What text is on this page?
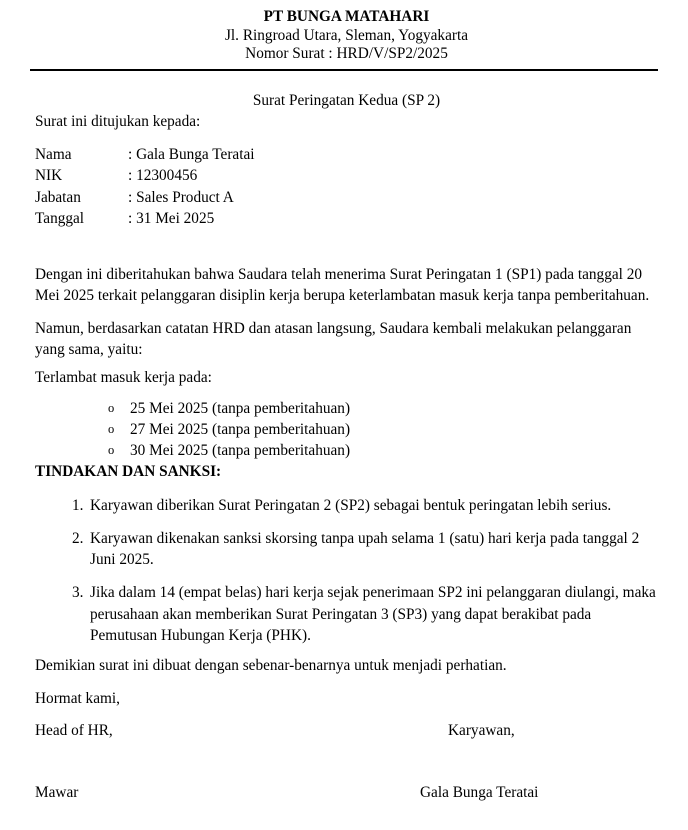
PT BUNGA MATAHARI
Jl. Ringroad Utara, Sleman, Yogyakarta
Nomor Surat : HRD/V/SP2/2025
Surat Peringatan Kedua (SP 2)

Surat ini ditujukan kepada:

Nama	: Gala Bunga Teratai
NIK	: 12300456
Jabatan	: Sales Product A
Tanggal	: 31 Mei 2025

Dengan ini diberitahukan bahwa Saudara telah menerima Surat Peringatan 1 (SP1) pada tanggal 20 Mei 2025 terkait pelanggaran disiplin kerja berupa keterlambatan masuk kerja tanpa pemberitahuan.

Namun, berdasarkan catatan HRD dan atasan langsung, Saudara kembali melakukan pelanggaran yang sama, yaitu:

Terlambat masuk kerja pada:

o	25 Mei 2025 (tanpa pemberitahuan)
o	27 Mei 2025 (tanpa pemberitahuan)
o	30 Mei 2025 (tanpa pemberitahuan)

TINDAKAN DAN SANKSI:

1. Karyawan diberikan Surat Peringatan 2 (SP2) sebagai bentuk peringatan lebih serius.
2. Karyawan dikenakan sanksi skorsing tanpa upah selama 1 (satu) hari kerja pada tanggal 2 Juni 2025.
3. Jika dalam 14 (empat belas) hari kerja sejak penerimaan SP2 ini pelanggaran diulangi, maka perusahaan akan memberikan Surat Peringatan 3 (SP3) yang dapat berakibat pada Pemutusan Hubungan Kerja (PHK).

Demikian surat ini dibuat dengan sebenar-benarnya untuk menjadi perhatian.

Hormat kami,

Head of HR,	Karyawan,
Mawar	Gala Bunga Teratai
